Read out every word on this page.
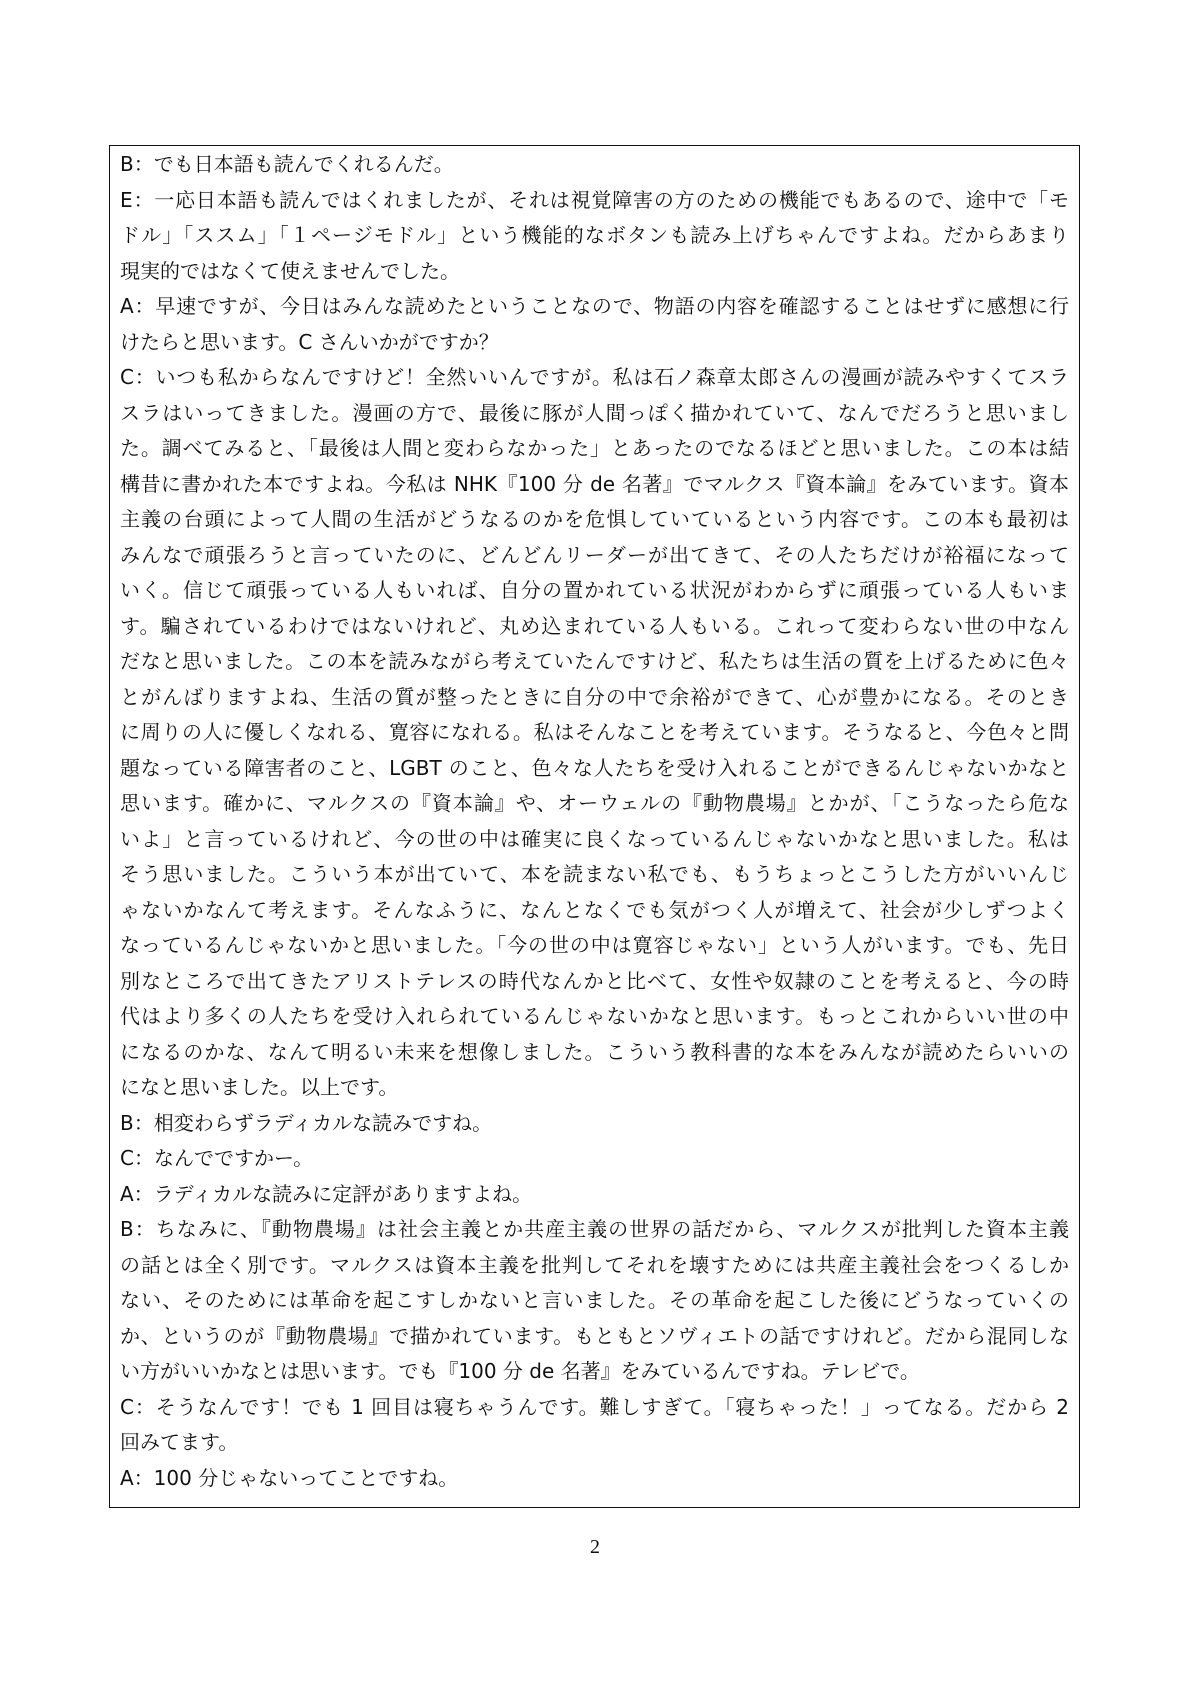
B：でも日本語も読んでくれるんだ。
E：一応日本語も読んではくれましたが、それは視覚障害の方のための機能でもあるので、途中で「モ
ドル」「ススム」「１ページモドル」という機能的なボタンも読み上げちゃんですよね。だからあまり
現実的ではなくて使えませんでした。
A：早速ですが、今日はみんな読めたということなので、物語の内容を確認することはせずに感想に行
けたらと思います。C さんいかがですか？
C：いつも私からなんですけど！全然いいんですが。私は石ノ森章太郎さんの漫画が読みやすくてスラ
スラはいってきました。漫画の方で、最後に豚が人間っぽく描かれていて、なんでだろうと思いまし
た。調べてみると、「最後は人間と変わらなかった」とあったのでなるほどと思いました。この本は結
構昔に書かれた本ですよね。今私は NHK『100 分 de 名著』でマルクス『資本論』をみています。資本
主義の台頭によって人間の生活がどうなるのかを危惧していているという内容です。この本も最初は
みんなで頑張ろうと言っていたのに、どんどんリーダーが出てきて、その人たちだけが裕福になって
いく。信じて頑張っている人もいれば、自分の置かれている状況がわからずに頑張っている人もいま
す。騙されているわけではないけれど、丸め込まれている人もいる。これって変わらない世の中なん
だなと思いました。この本を読みながら考えていたんですけど、私たちは生活の質を上げるために色々
とがんばりますよね、生活の質が整ったときに自分の中で余裕ができて、心が豊かになる。そのとき
に周りの人に優しくなれる、寛容になれる。私はそんなことを考えています。そうなると、今色々と問
題なっている障害者のこと、LGBT のこと、色々な人たちを受け入れることができるんじゃないかなと
思います。確かに、マルクスの『資本論』や、オーウェルの『動物農場』とかが、「こうなったら危な
いよ」と言っているけれど、今の世の中は確実に良くなっているんじゃないかなと思いました。私は
そう思いました。こういう本が出ていて、本を読まない私でも、もうちょっとこうした方がいいんじ
ゃないかなんて考えます。そんなふうに、なんとなくでも気がつく人が増えて、社会が少しずつよく
なっているんじゃないかと思いました。「今の世の中は寛容じゃない」という人がいます。でも、先日
別なところで出てきたアリストテレスの時代なんかと比べて、女性や奴隷のことを考えると、今の時
代はより多くの人たちを受け入れられているんじゃないかなと思います。もっとこれからいい世の中
になるのかな、なんて明るい未来を想像しました。こういう教科書的な本をみんなが読めたらいいの
になと思いました。以上です。
B：相変わらずラディカルな読みですね。
C：なんでですかー。
A：ラディカルな読みに定評がありますよね。
B：ちなみに、『動物農場』は社会主義とか共産主義の世界の話だから、マルクスが批判した資本主義
の話とは全く別です。マルクスは資本主義を批判してそれを壊すためには共産主義社会をつくるしか
ない、そのためには革命を起こすしかないと言いました。その革命を起こした後にどうなっていくの
か、というのが『動物農場』で描かれています。もともとソヴィエトの話ですけれど。だから混同しな
い方がいいかなとは思います。でも『100 分 de 名著』をみているんですね。テレビで。
C：そうなんです！でも 1 回目は寝ちゃうんです。難しすぎて。「寝ちゃった！」ってなる。だから 2
回みてます。
A：100 分じゃないってことですね。
2
